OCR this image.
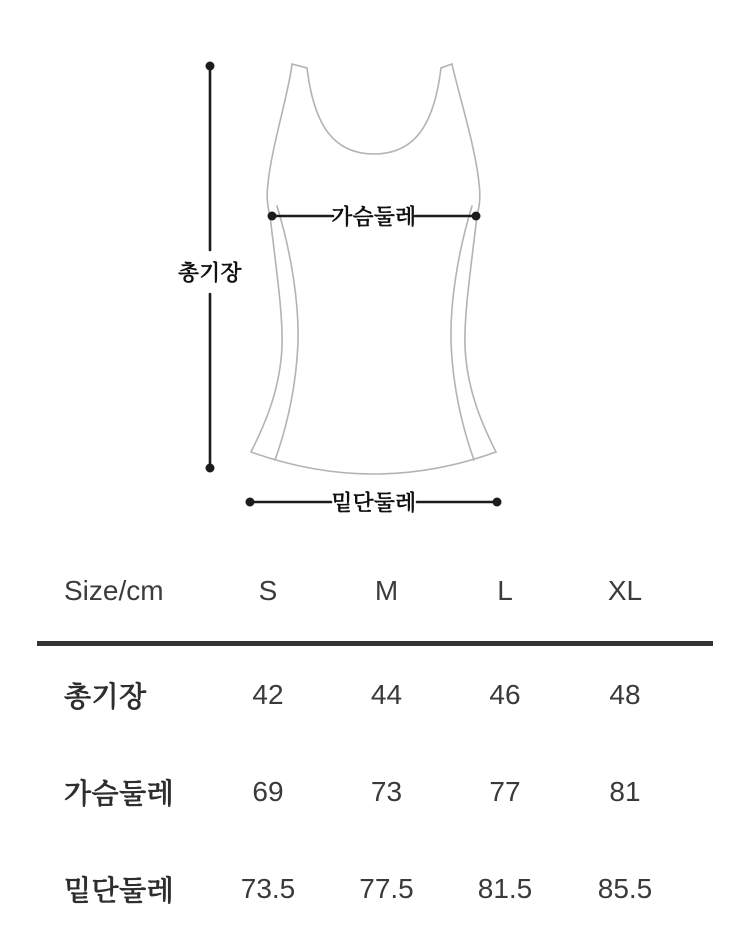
총기장
가슴둘레
밑단둘레
Size/cm	S	M	L	XL
총기장	42	44	46	48
가슴둘레	69	73	77	81
밑단둘레	73.5	77.5	81.5	85.5
